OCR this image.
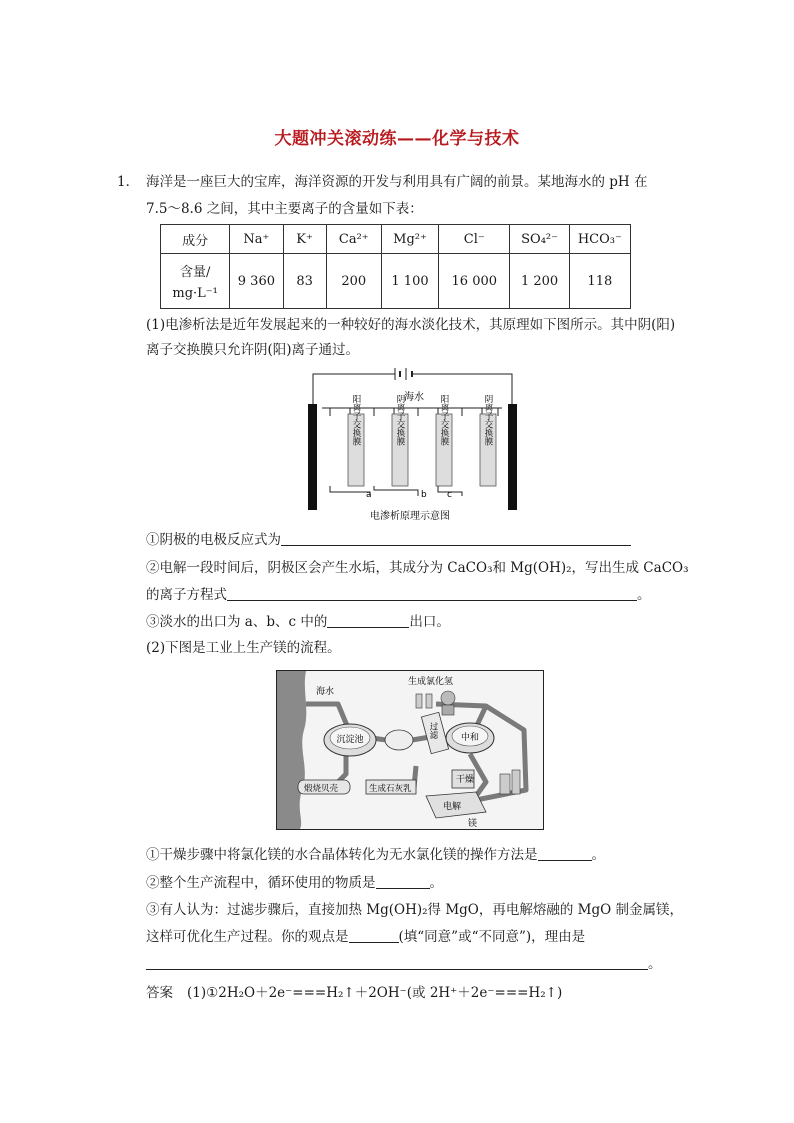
大题冲关滚动练——化学与技术
1． 海洋是一座巨大的宝库，海洋资源的开发与利用具有广阔的前景。某地海水的 pH 在
7.5～8.6 之间，其中主要离子的含量如下表：
成分	Na⁺	K⁺	Ca²⁺	Mg²⁺	Cl⁻	SO₄²⁻	HCO₃⁻

含量/
mg·L⁻¹	9 360	83	200	1 100	16 000	1 200	118
(1)电渗析法是近年发展起来的一种较好的海水淡化技术，其原理如下图所示。其中阴(阳)
离子交换膜只允许阴(阳)离子通过。
海水
阳离子交换膜	阴离子交换膜	阳离子交换膜	阴离子交换膜
a	b c
电渗析原理示意图
①阴极的电极反应式为
②电解一段时间后，阴极区会产生水垢，其成分为 CaCO₃和 Mg(OH)₂，写出生成 CaCO₃
的离子方程式	。
③淡水的出口为 a、b、c 中的	出口。
(2)下图是工业上生产镁的流程。
海水
生成氯化氢
沉淀池
过滤	中和
干燥
煅烧贝壳	生成石灰乳
电解
镁
①干燥步骤中将氯化镁的水合晶体转化为无水氯化镁的操作方法是	。
②整个生产流程中，循环使用的物质是	。
③有人认为：过滤步骤后，直接加热 Mg(OH)₂得 MgO，再电解熔融的 MgO 制金属镁，
这样可优化生产过程。你的观点是	(填“同意”或“不同意”)，理由是
。
答案 (1)①2H₂O＋2e⁻===H₂↑＋2OH⁻(或 2H⁺＋2e⁻===H₂↑)
